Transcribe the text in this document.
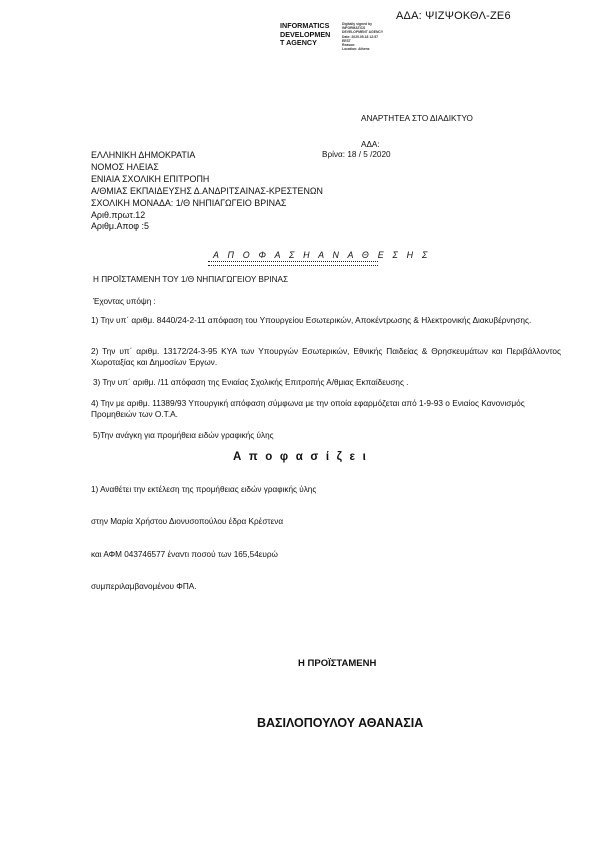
ΑΔΑ: ΨΙΖΨΟΚΘΛ-ΖΕ6
INFORMATICS
DEVELOPMEN
T AGENCY
Digitally signed by
INFORMATICS
DEVELOPMENT AGENCY
Date: 2020.05.18 12:57
EEST
Reason:
Location: Athens
ΑΝΑΡΤΗΤΕΑ ΣΤΟ ΔΙΑΔΙΚΤΥΟ
ΑΔΑ:
Βρίνα: 18 / 5 /2020
ΕΛΛΗΝΙΚΗ ΔΗΜΟΚΡΑΤΙΑ
ΝΟΜΟΣ ΗΛΕΙΑΣ
ΕΝΙΑΙΑ ΣΧΟΛΙΚΗ ΕΠΙΤΡΟΠΗ
Α/ΘΜΙΑΣ ΕΚΠΑΙΔΕΥΣΗΣ Δ.ΑΝΔΡΙΤΣΑΙΝΑΣ-ΚΡΕΣΤΕΝΩΝ
ΣΧΟΛΙΚΗ ΜΟΝΑΔΑ: 1/Θ ΝΗΠΙΑΓΩΓΕΙΟ ΒΡΙΝΑΣ
Αριθ.πρωτ.12
Αριθμ.Αποφ :5
Α Π Ο Φ Α Σ Η Α Ν Α Θ Ε Σ Η Σ
Η ΠΡΟΪΣΤΑΜΕΝΗ ΤΟΥ 1/Θ ΝΗΠΙΑΓΩΓΕΙΟΥ ΒΡΙΝΑΣ
Έχοντας υπόψη :
1) Την υπ΄ αριθμ. 8440/24-2-11 απόφαση του Υπουργείου Εσωτερικών, Αποκέντρωσης & Ηλεκτρονικής Διακυβέρνησης.
2) Την υπ΄ αριθμ. 13172/24-3-95 ΚΥΑ των Υπουργών Εσωτερικών, Εθνικής Παιδείας & Θρησκευμάτων και Περιβάλλοντος Χωροταξίας και Δημοσίων Έργων.
3) Την υπ΄ αριθμ. /11 απόφαση της Ενιαίας Σχολικής Επιτροπής Α/θμιας Εκπαίδευσης .
4) Την με αριθμ. 11389/93 Υπουργική απόφαση σύμφωνα με την οποία εφαρμόζεται από 1-9-93 ο Ενιαίος Κανονισμός Προμηθειών των Ο.Τ.Α.
5)Την ανάγκη για προμήθεια ειδών γραφικής ύλης
Α π ο φ α σ ί ζ ε ι
1) Αναθέτει την εκτέλεση της προμήθειας ειδών γραφικής ύλης
στην Μαρία Χρήστου Διονυσοπούλου έδρα Κρέστενα
και ΑΦΜ 043746577 έναντι ποσού των 165,54ευρώ
συμπεριλαμβανομένου ΦΠΑ.
Η ΠΡΟΪΣΤΑΜΕΝΗ
ΒΑΣΙΛΟΠΟΥΛΟΥ ΑΘΑΝΑΣΙΑ
